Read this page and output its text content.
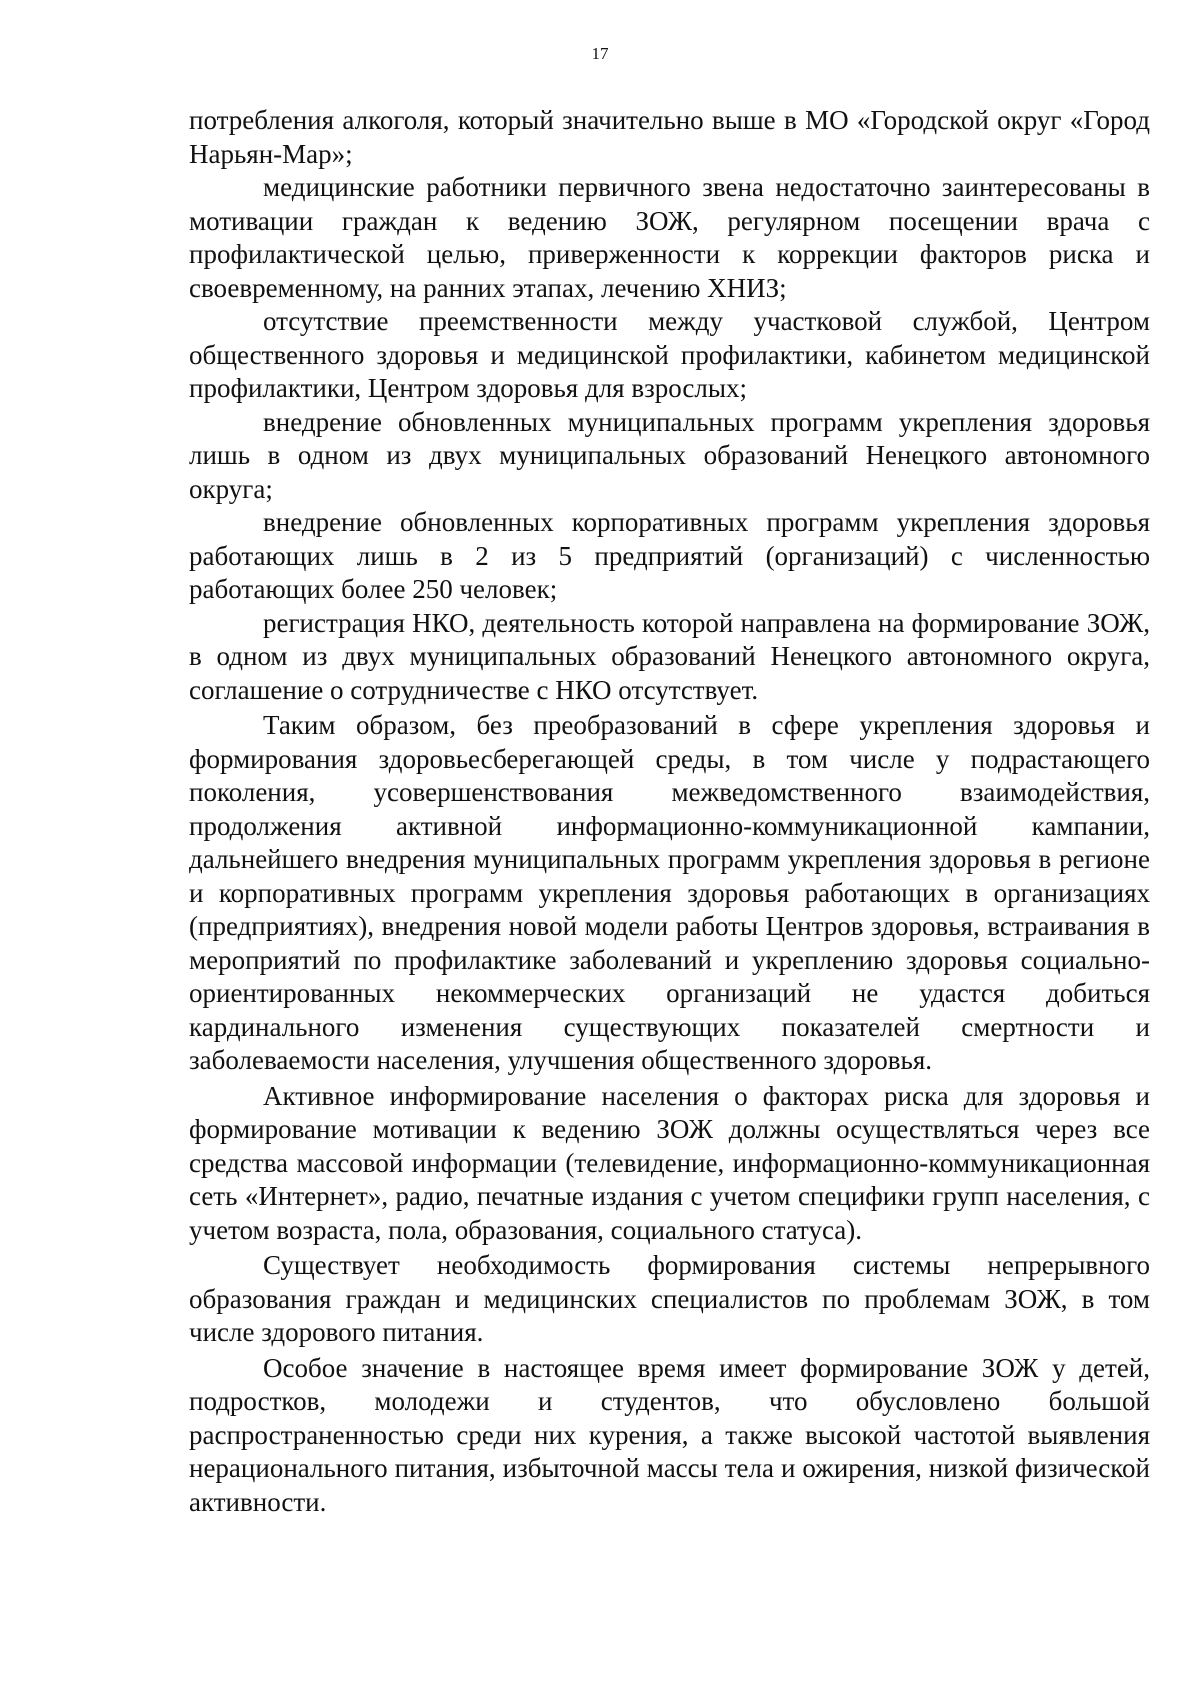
17

потребления алкоголя, который значительно выше в МО «Городской округ «Город Нарьян-Мар»;

медицинские работники первичного звена недостаточно заинтересованы в мотивации граждан к ведению ЗОЖ, регулярном посещении врача с профилактической целью, приверженности к коррекции факторов риска и своевременному, на ранних этапах, лечению ХНИЗ;

отсутствие преемственности между участковой службой, Центром общественного здоровья и медицинской профилактики, кабинетом медицинской профилактики, Центром здоровья для взрослых;

внедрение обновленных муниципальных программ укрепления здоровья лишь в одном из двух муниципальных образований Ненецкого автономного округа;

внедрение обновленных корпоративных программ укрепления здоровья работающих лишь в 2 из 5 предприятий (организаций) с численностью работающих более 250 человек;

регистрация НКО, деятельность которой направлена на формирование ЗОЖ, в одном из двух муниципальных образований Ненецкого автономного округа, соглашение о сотрудничестве с НКО отсутствует.

Таким образом, без преобразований в сфере укрепления здоровья и формирования здоровьесберегающей среды, в том числе у подрастающего поколения, усовершенствования межведомственного взаимодействия, продолжения активной информационно-коммуникационной кампании, дальнейшего внедрения муниципальных программ укрепления здоровья в регионе и корпоративных программ укрепления здоровья работающих в организациях (предприятиях), внедрения новой модели работы Центров здоровья, встраивания в мероприятий по профилактике заболеваний и укреплению здоровья социально-ориентированных некоммерческих организаций не удастся добиться кардинального изменения существующих показателей смертности и заболеваемости населения, улучшения общественного здоровья.

Активное информирование населения о факторах риска для здоровья и формирование мотивации к ведению ЗОЖ должны осуществляться через все средства массовой информации (телевидение, информационно-коммуникационная сеть «Интернет», радио, печатные издания с учетом специфики групп населения, с учетом возраста, пола, образования, социального статуса).

Существует необходимость формирования системы непрерывного образования граждан и медицинских специалистов по проблемам ЗОЖ, в том числе здорового питания.

Особое значение в настоящее время имеет формирование ЗОЖ у детей, подростков, молодежи и студентов, что обусловлено большой распространенностью среди них курения, а также высокой частотой выявления нерационального питания, избыточной массы тела и ожирения, низкой физической активности.
